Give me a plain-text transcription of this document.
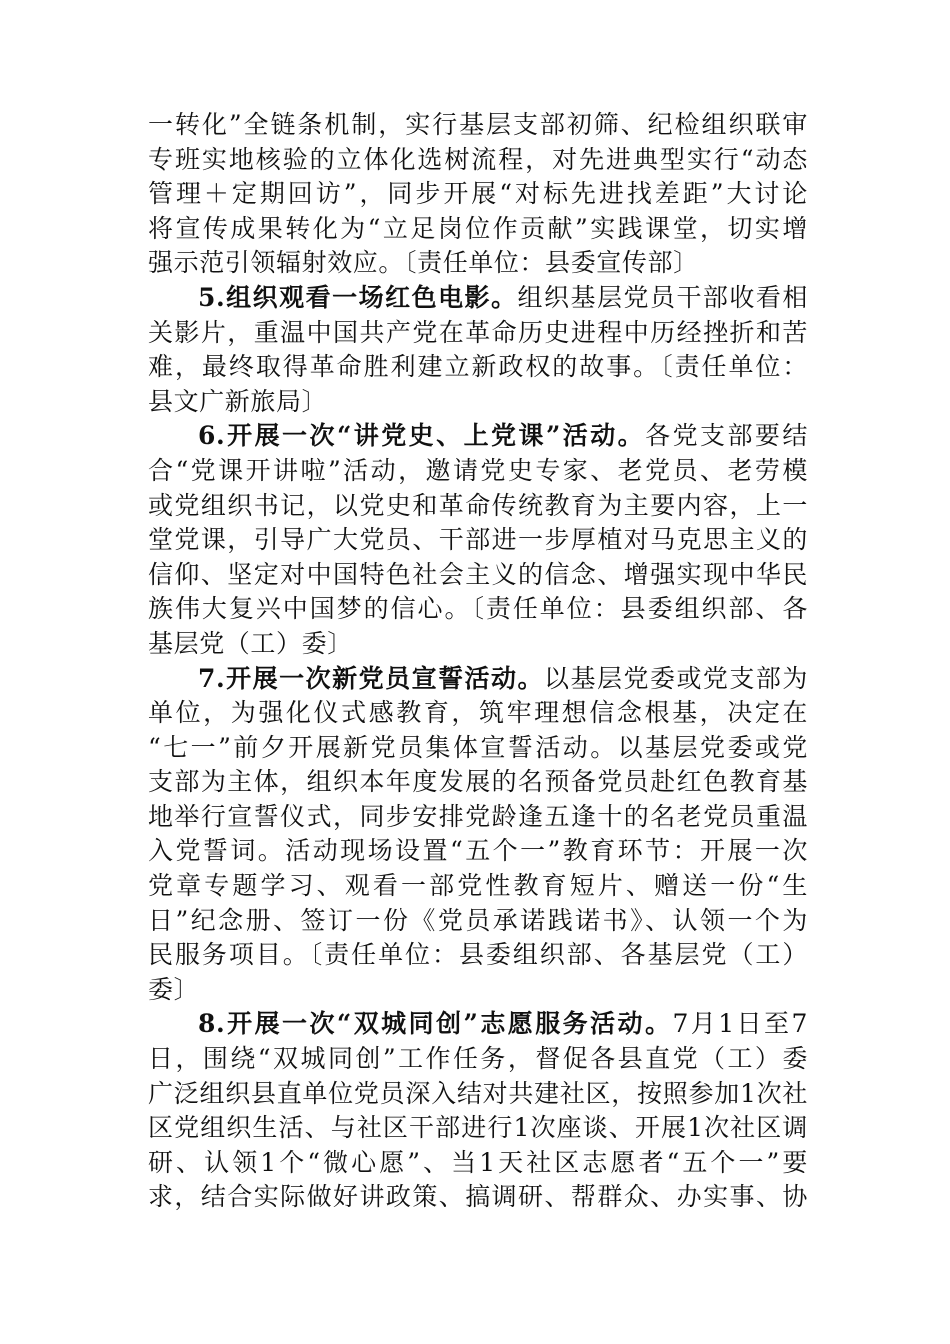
一转化”全链条机制，实行基层支部初筛、纪检组织联审
专班实地核验的立体化选树流程，对先进典型实行“动态
管理＋定期回访”，同步开展“对标先进找差距”大讨论
将宣传成果转化为“立足岗位作贡献”实践课堂，切实增
强示范引领辐射效应。〔责任单位：县委宣传部〕
5.组织观看一场红色电影。组织基层党员干部收看相
关影片，重温中国共产党在革命历史进程中历经挫折和苦
难，最终取得革命胜利建立新政权的故事。〔责任单位：
县文广新旅局〕
6.开展一次“讲党史、上党课”活动。各党支部要结
合“党课开讲啦”活动，邀请党史专家、老党员、老劳模
或党组织书记，以党史和革命传统教育为主要内容，上一
堂党课，引导广大党员、干部进一步厚植对马克思主义的
信仰、坚定对中国特色社会主义的信念、增强实现中华民
族伟大复兴中国梦的信心。〔责任单位：县委组织部、各
基层党（工）委〕
7.开展一次新党员宣誓活动。以基层党委或党支部为
单位，为强化仪式感教育，筑牢理想信念根基，决定在
“七一”前夕开展新党员集体宣誓活动。以基层党委或党
支部为主体，组织本年度发展的名预备党员赴红色教育基
地举行宣誓仪式，同步安排党龄逢五逢十的名老党员重温
入党誓词。活动现场设置“五个一”教育环节：开展一次
党章专题学习、观看一部党性教育短片、赠送一份“生
日”纪念册、签订一份《党员承诺践诺书》、认领一个为
民服务项目。〔责任单位：县委组织部、各基层党（工）
委〕
8.开展一次“双城同创”志愿服务活动。7月1日至7
日，围绕“双城同创”工作任务，督促各县直党（工）委
广泛组织县直单位党员深入结对共建社区，按照参加1次社
区党组织生活、与社区干部进行1次座谈、开展1次社区调
研、认领1个“微心愿”、当1天社区志愿者“五个一”要
求，结合实际做好讲政策、搞调研、帮群众、办实事、协
